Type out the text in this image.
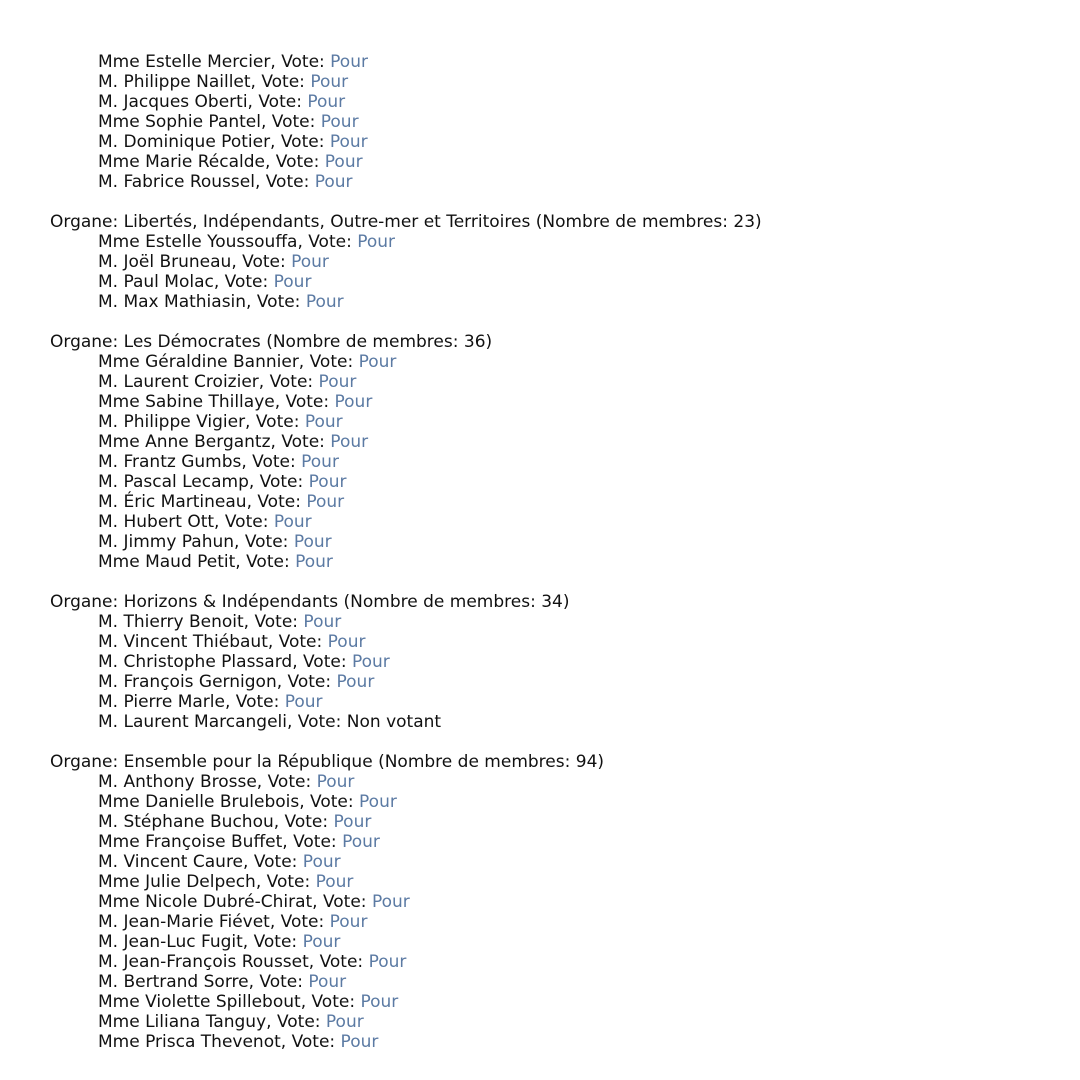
Mme Estelle Mercier, Vote: Pour
M. Philippe Naillet, Vote: Pour
M. Jacques Oberti, Vote: Pour
Mme Sophie Pantel, Vote: Pour
M. Dominique Potier, Vote: Pour
Mme Marie Récalde, Vote: Pour
M. Fabrice Roussel, Vote: Pour
Organe: Libertés, Indépendants, Outre-mer et Territoires (Nombre de membres: 23)
Mme Estelle Youssouffa, Vote: Pour
M. Joël Bruneau, Vote: Pour
M. Paul Molac, Vote: Pour
M. Max Mathiasin, Vote: Pour
Organe: Les Démocrates (Nombre de membres: 36)
Mme Géraldine Bannier, Vote: Pour
M. Laurent Croizier, Vote: Pour
Mme Sabine Thillaye, Vote: Pour
M. Philippe Vigier, Vote: Pour
Mme Anne Bergantz, Vote: Pour
M. Frantz Gumbs, Vote: Pour
M. Pascal Lecamp, Vote: Pour
M. Éric Martineau, Vote: Pour
M. Hubert Ott, Vote: Pour
M. Jimmy Pahun, Vote: Pour
Mme Maud Petit, Vote: Pour
Organe: Horizons & Indépendants (Nombre de membres: 34)
M. Thierry Benoit, Vote: Pour
M. Vincent Thiébaut, Vote: Pour
M. Christophe Plassard, Vote: Pour
M. François Gernigon, Vote: Pour
M. Pierre Marle, Vote: Pour
M. Laurent Marcangeli, Vote: Non votant
Organe: Ensemble pour la République (Nombre de membres: 94)
M. Anthony Brosse, Vote: Pour
Mme Danielle Brulebois, Vote: Pour
M. Stéphane Buchou, Vote: Pour
Mme Françoise Buffet, Vote: Pour
M. Vincent Caure, Vote: Pour
Mme Julie Delpech, Vote: Pour
Mme Nicole Dubré-Chirat, Vote: Pour
M. Jean-Marie Fiévet, Vote: Pour
M. Jean-Luc Fugit, Vote: Pour
M. Jean-François Rousset, Vote: Pour
M. Bertrand Sorre, Vote: Pour
Mme Violette Spillebout, Vote: Pour
Mme Liliana Tanguy, Vote: Pour
Mme Prisca Thevenot, Vote: Pour
